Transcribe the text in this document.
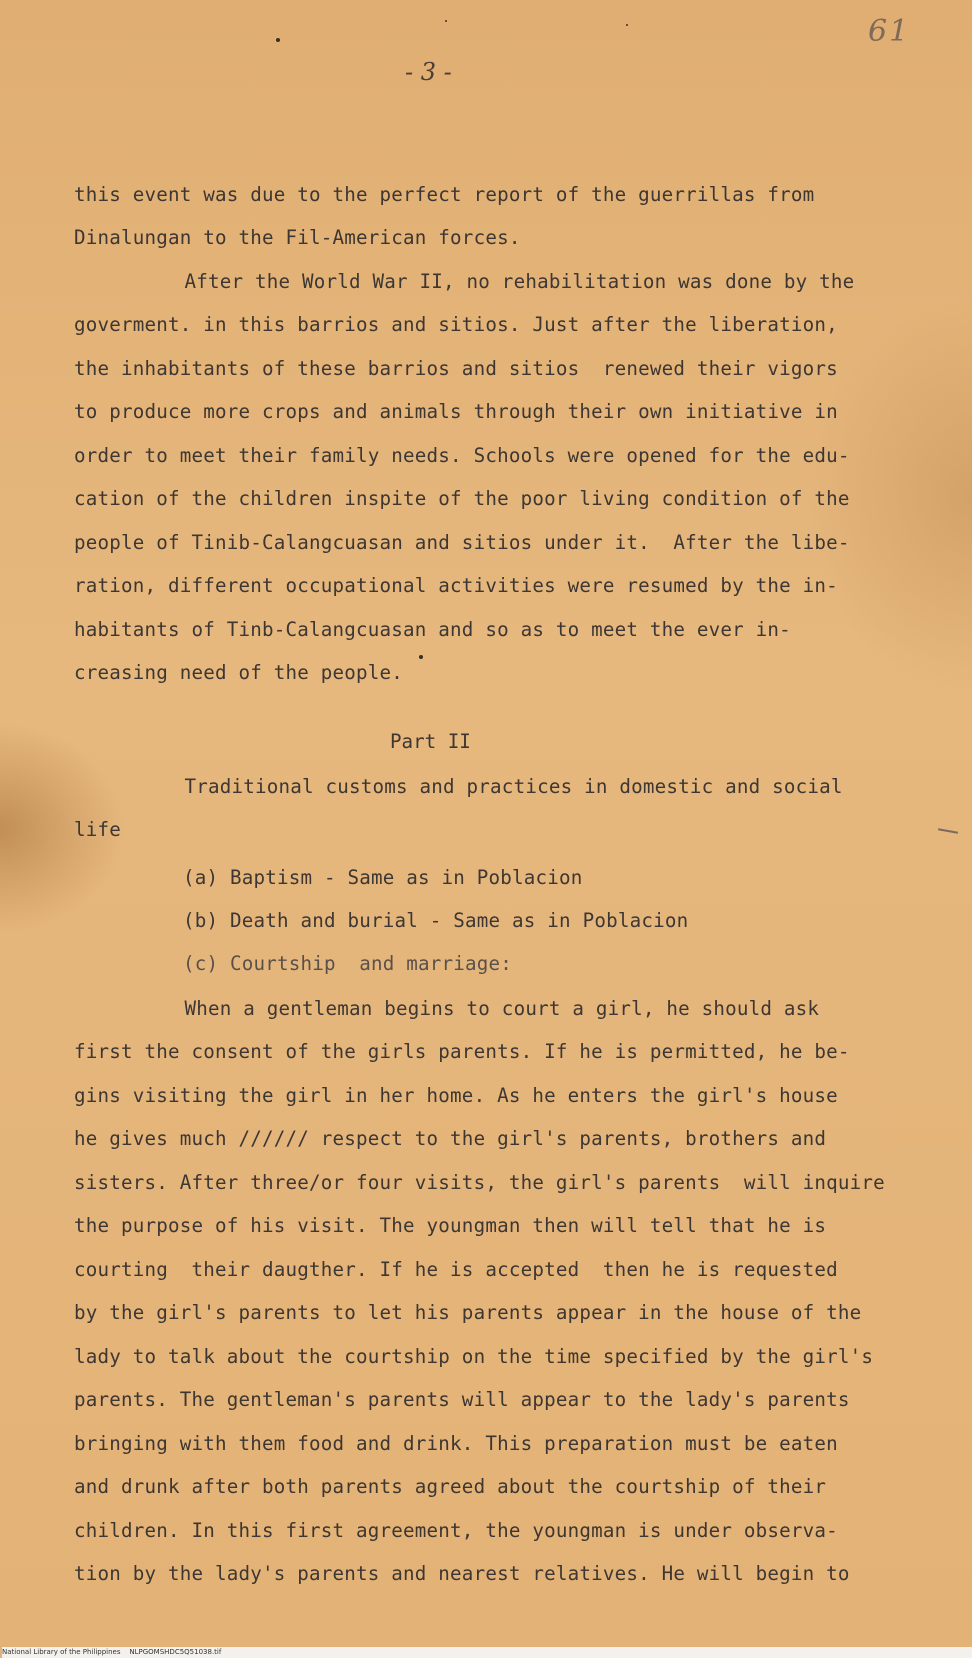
61
- 3 -
this event was due to the perfect report of the guerrillas from
Dinalungan to the Fil-American forces.
After the World War II, no rehabilitation was done by the
goverment. in this barrios and sitios. Just after the liberation,
the inhabitants of these barrios and sitios  renewed their vigors
to produce more crops and animals through their own initiative in
order to meet their family needs. Schools were opened for the edu-
cation of the children inspite of the poor living condition of the
people of Tinib-Calangcuasan and sitios under it.  After the libe-
ration, different occupational activities were resumed by the in-
habitants of Tinb-Calangcuasan and so as to meet the ever in-
creasing need of the people.
Part II
Traditional customs and practices in domestic and social
life
(a) Baptism - Same as in Poblacion
(b) Death and burial - Same as in Poblacion
(c) Courtship  and marriage:
When a gentleman begins to court a girl, he should ask
first the consent of the girls parents. If he is permitted, he be-
gins visiting the girl in her home. As he enters the girl's house
he gives much ////// respect to the girl's parents, brothers and
sisters. After three/or four visits, the girl's parents  will inquire
the purpose of his visit. The youngman then will tell that he is
courting  their daugther. If he is accepted  then he is requested
by the girl's parents to let his parents appear in the house of the
lady to talk about the courtship on the time specified by the girl's
parents. The gentleman's parents will appear to the lady's parents
bringing with them food and drink. This preparation must be eaten
and drunk after both parents agreed about the courtship of their
children. In this first agreement, the youngman is under observa-
tion by the lady's parents and nearest relatives. He will begin to
National Library of the Philippines    NLPGOMSHDC5Q51038.tif
